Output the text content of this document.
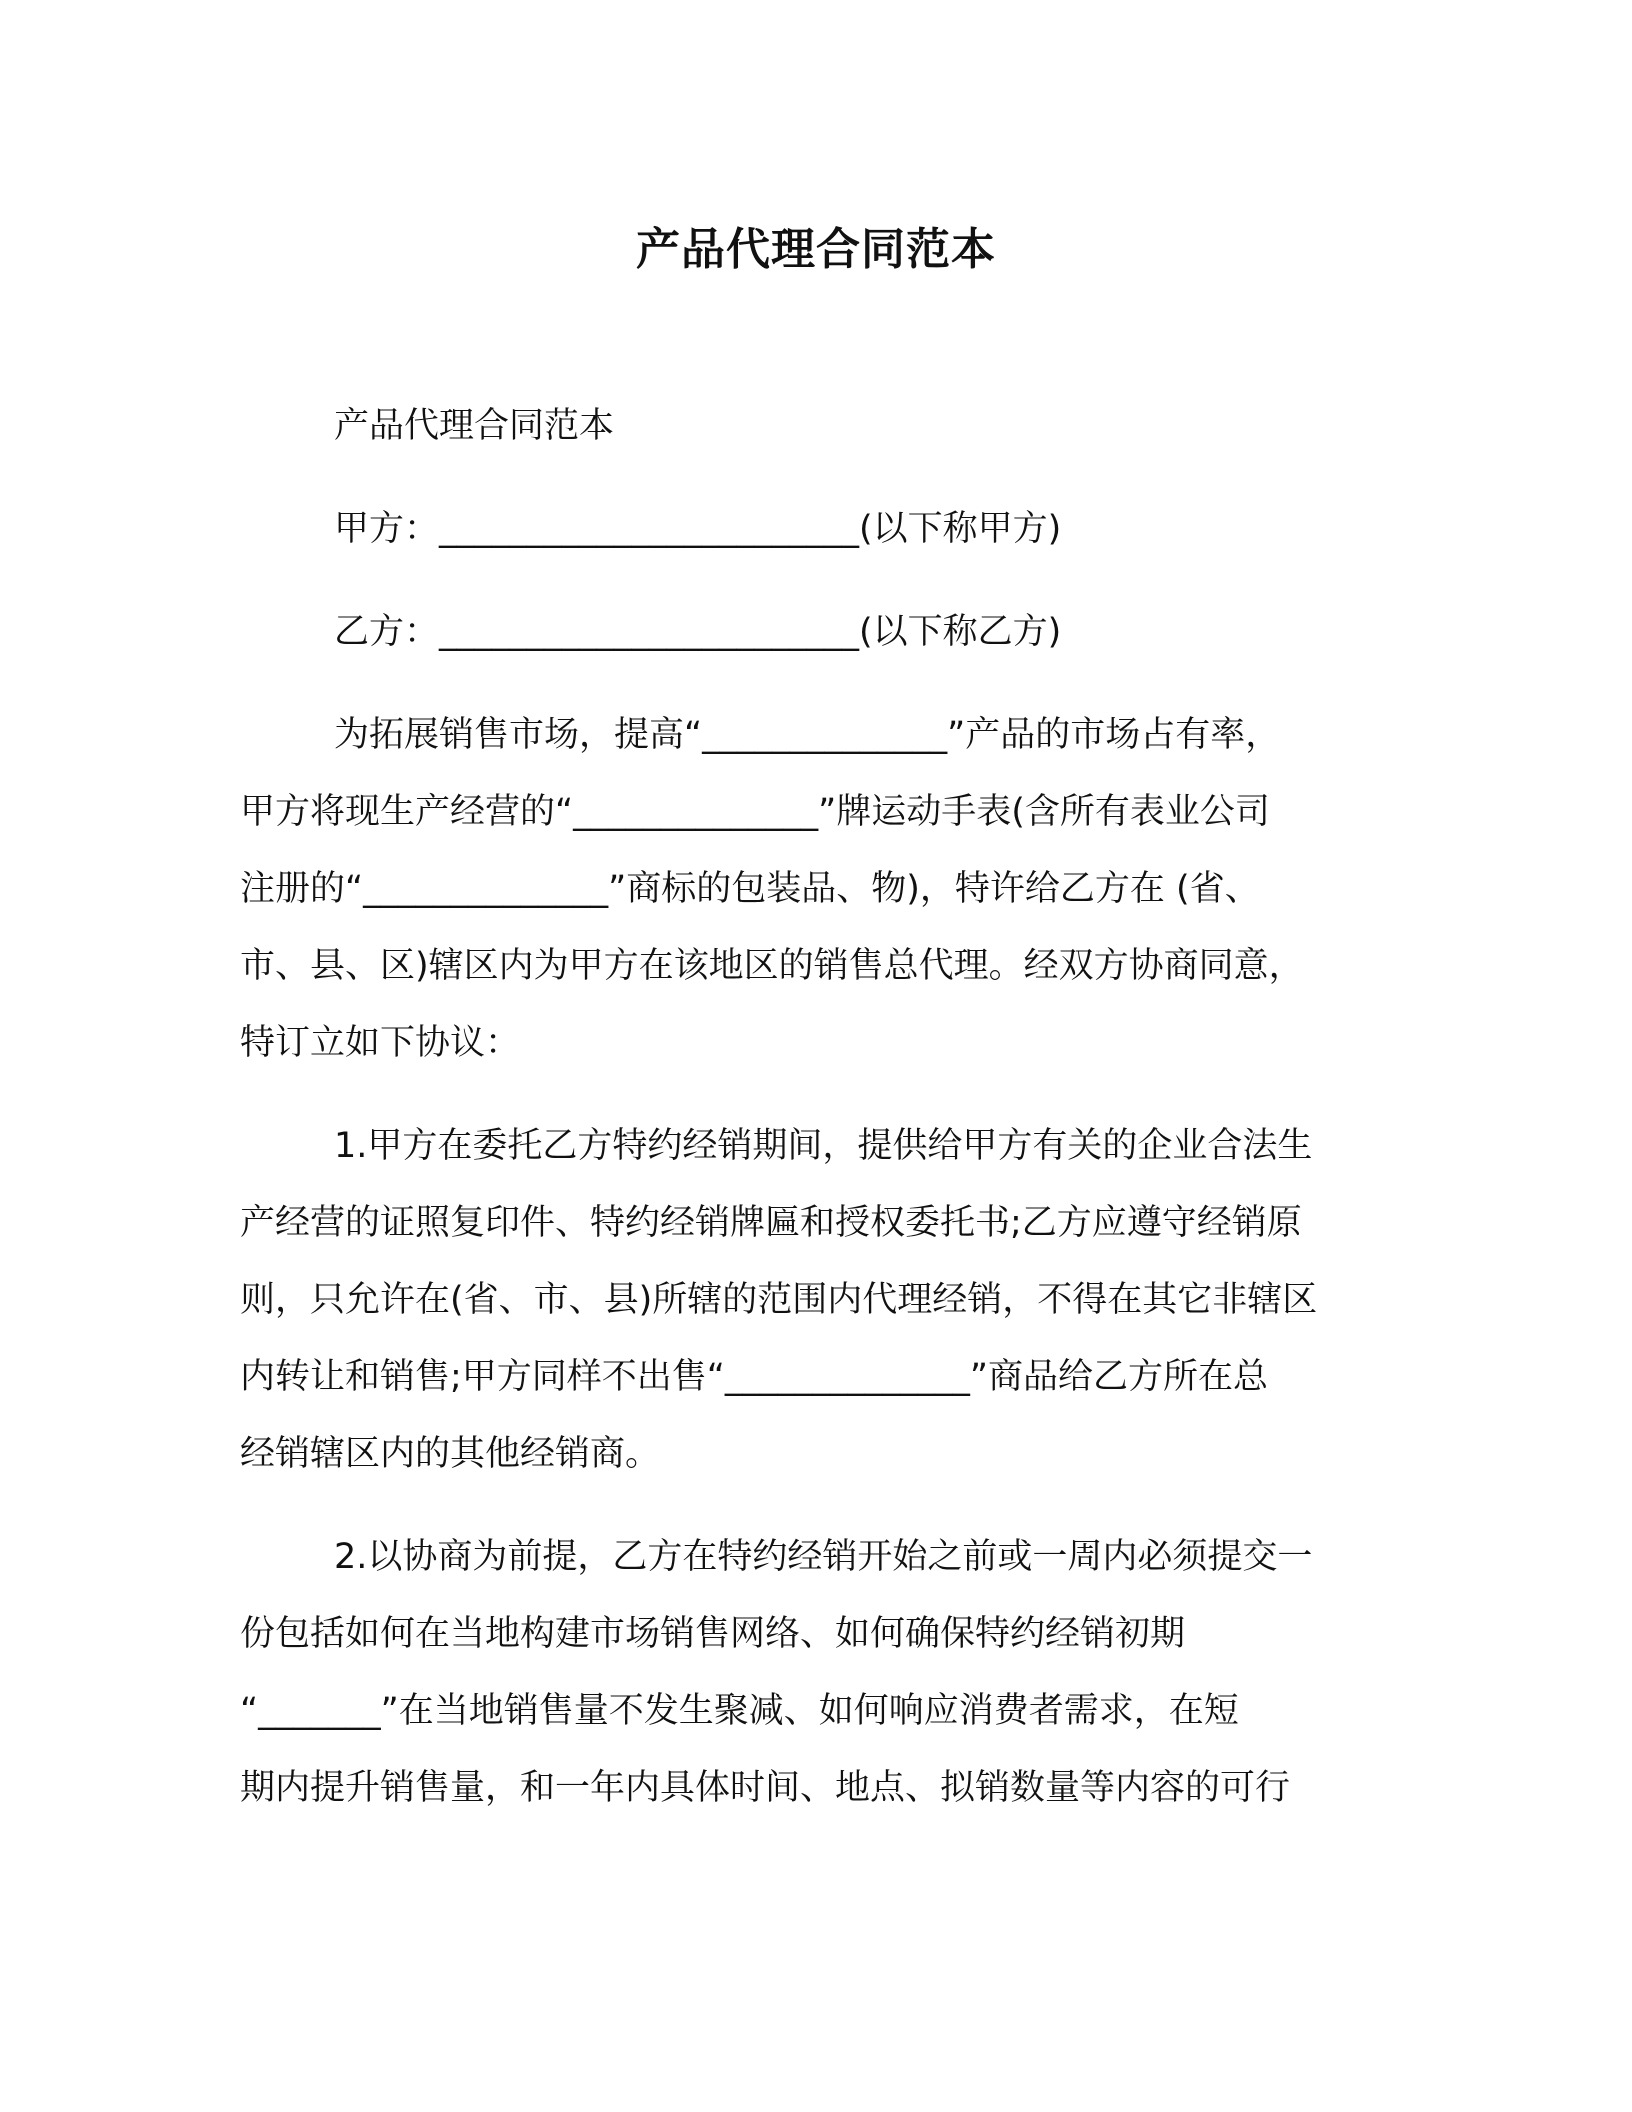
产品代理合同范本
产品代理合同范本
甲方：________________________(以下称甲方)
乙方：________________________(以下称乙方)
为拓展销售市场，提高“______________”产品的市场占有率，
甲方将现生产经营的“______________”牌运动手表(含所有表业公司
注册的“______________”商标的包装品、物)，特许给乙方在 (省、
市、县、区)辖区内为甲方在该地区的销售总代理。经双方协商同意，
特订立如下协议：
1.甲方在委托乙方特约经销期间，提供给甲方有关的企业合法生
产经营的证照复印件、特约经销牌匾和授权委托书;乙方应遵守经销原
则，只允许在(省、市、县)所辖的范围内代理经销，不得在其它非辖区
内转让和销售;甲方同样不出售“______________”商品给乙方所在总
经销辖区内的其他经销商。
2.以协商为前提，乙方在特约经销开始之前或一周内必须提交一
份包括如何在当地构建市场销售网络、如何确保特约经销初期
“_______”在当地销售量不发生聚减、如何响应消费者需求，在短
期内提升销售量，和一年内具体时间、地点、拟销数量等内容的可行
